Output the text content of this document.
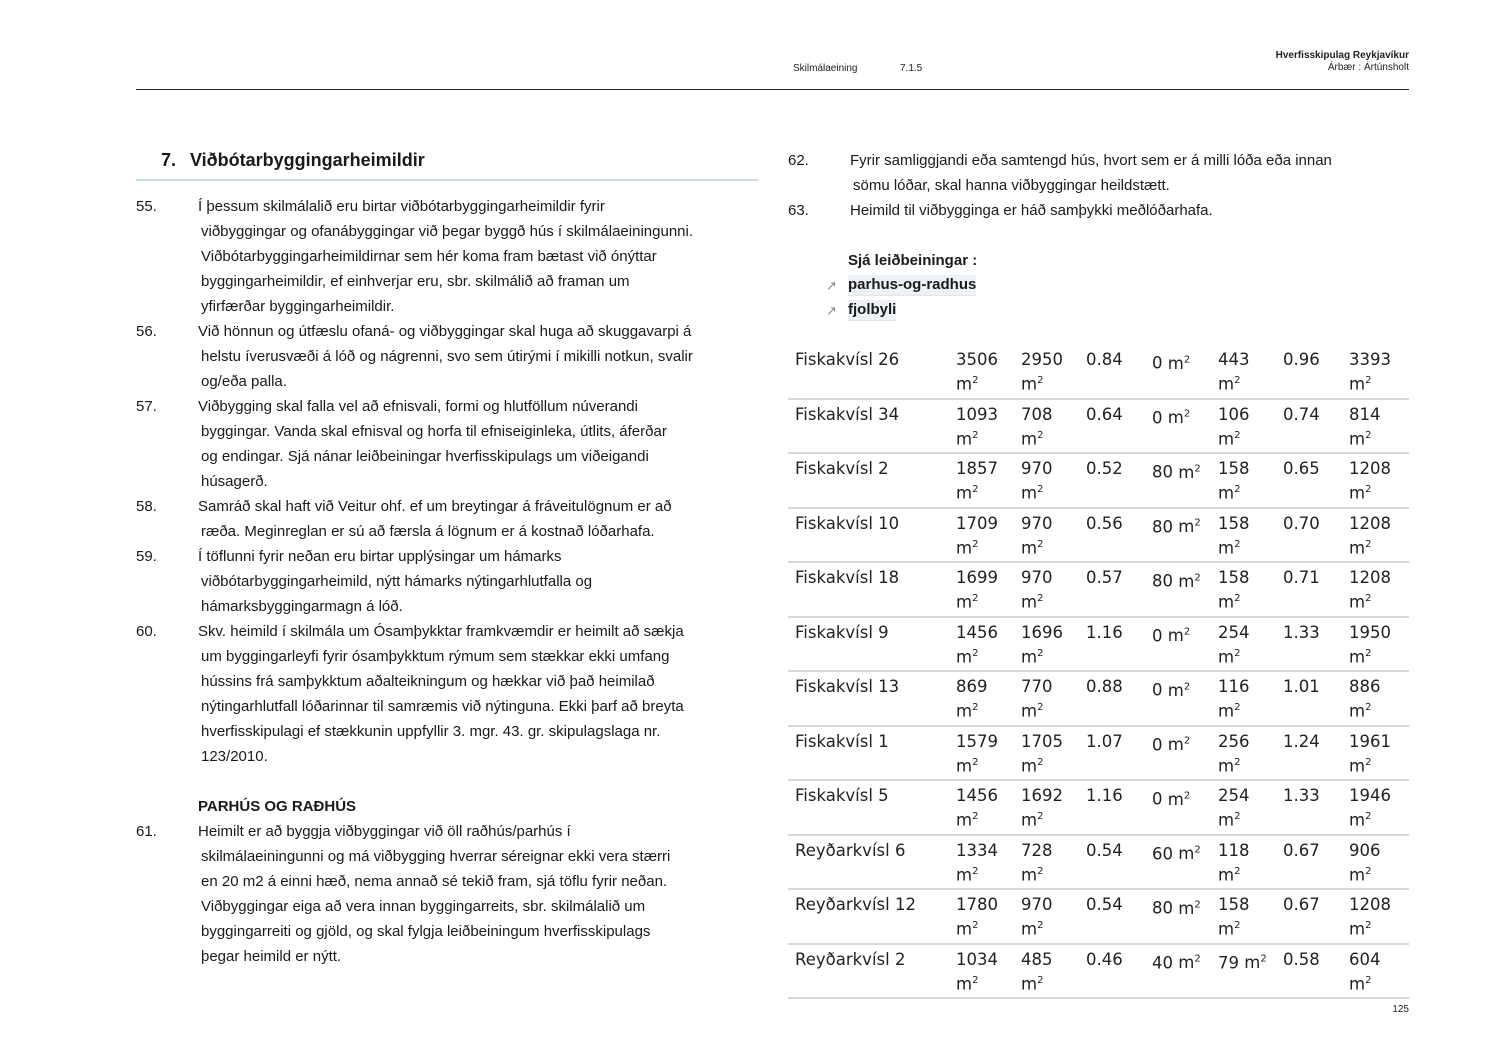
Skilmálaeining	7.1.5
Hverfisskipulag Reykjavíkur
Árbær : Ártúnsholt
7. Viðbótarbyggingarheimildir
55.	Í þessum skilmálalið eru birtar viðbótarbyggingarheimildir fyrir
viðbyggingar og ofanábyggingar við þegar byggð hús í skilmálaeiningunni.
Viðbótarbyggingarheimildirnar sem hér koma fram bætast við ónýttar
byggingarheimildir, ef einhverjar eru, sbr. skilmálið að framan um
yfirfærðar byggingarheimildir.
56.	Við hönnun og útfæslu ofaná- og viðbyggingar skal huga að skuggavarpi á
helstu íverusvæði á lóð og nágrenni, svo sem útirými í mikilli notkun, svalir
og/eða palla.
57.	Viðbygging skal falla vel að efnisvali, formi og hlutföllum núverandi
byggingar. Vanda skal efnisval og horfa til efniseiginleka, útlits, áferðar
og endingar. Sjá nánar leiðbeiningar hverfisskipulags um viðeigandi
húsagerð.
58.	Samráð skal haft við Veitur ohf. ef um breytingar á fráveitulögnum er að
ræða. Meginreglan er sú að færsla á lögnum er á kostnað lóðarhafa.
59.	Í töflunni fyrir neðan eru birtar upplýsingar um hámarks
viðbótarbyggingarheimild, nýtt hámarks nýtingarhlutfalla og
hámarksbyggingarmagn á lóð.
60.	Skv. heimild í skilmála um Ósamþykktar framkvæmdir er heimilt að sækja
um byggingarleyfi fyrir ósamþykktum rýmum sem stækkar ekki umfang
hússins frá samþykktum aðalteikningum og hækkar við það heimilað
nýtingarhlutfall lóðarinnar til samræmis við nýtinguna. Ekki þarf að breyta
hverfisskipulagi ef stækkunin uppfyllir 3. mgr. 43. gr. skipulagslaga nr.
123/2010.
PARHÚS OG RAÐHÚS
61.	Heimilt er að byggja viðbyggingar við öll raðhús/parhús í
skilmálaeiningunni og má viðbygging hverrar séreignar ekki vera stærri
en 20 m2 á einni hæð, nema annað sé tekið fram, sjá töflu fyrir neðan.
Viðbyggingar eiga að vera innan byggingarreits, sbr. skilmálalið um
byggingarreiti og gjöld, og skal fylgja leiðbeiningum hverfisskipulags
þegar heimild er nýtt.
62.	Fyrir samliggjandi eða samtengd hús, hvort sem er á milli lóða eða innan
sömu lóðar, skal hanna viðbyggingar heildstætt.
63.	Heimild til viðbygginga er háð samþykki meðlóðarhafa.
Sjá leiðbeiningar :
↗ parhus-og-radhus
↗ fjolbyli
Fiskakvísl 26	3506
$m^2$	2950
$m^2$	0.84	0 $m^2$	443
$m^2$	0.96	3393
$m^2$

Fiskakvísl 34	1093
$m^2$	708
$m^2$	0.64	0 $m^2$	106
$m^2$	0.74	814
$m^2$

Fiskakvísl 2	1857
$m^2$	970
$m^2$	0.52	80 $m^2$	158
$m^2$	0.65	1208
$m^2$

Fiskakvísl 10	1709
$m^2$	970
$m^2$	0.56	80 $m^2$	158
$m^2$	0.70	1208
$m^2$

Fiskakvísl 18	1699
$m^2$	970
$m^2$	0.57	80 $m^2$	158
$m^2$	0.71	1208
$m^2$

Fiskakvísl 9	1456
$m^2$	1696
$m^2$	1.16	0 $m^2$	254
$m^2$	1.33	1950
$m^2$

Fiskakvísl 13	869
$m^2$	770
$m^2$	0.88	0 $m^2$	116
$m^2$	1.01	886
$m^2$

Fiskakvísl 1	1579
$m^2$	1705
$m^2$	1.07	0 $m^2$	256
$m^2$	1.24	1961
$m^2$

Fiskakvísl 5	1456
$m^2$	1692
$m^2$	1.16	0 $m^2$	254
$m^2$	1.33	1946
$m^2$

Reyðarkvísl 6	1334
$m^2$	728
$m^2$	0.54	60 $m^2$	118
$m^2$	0.67	906
$m^2$

Reyðarkvísl 12	1780
$m^2$	970
$m^2$	0.54	80 $m^2$	158
$m^2$	0.67	1208
$m^2$

Reyðarkvísl 2	1034
$m^2$	485
$m^2$	0.46	40 $m^2$	79 $m^2$	0.58	604
$m^2$
125
